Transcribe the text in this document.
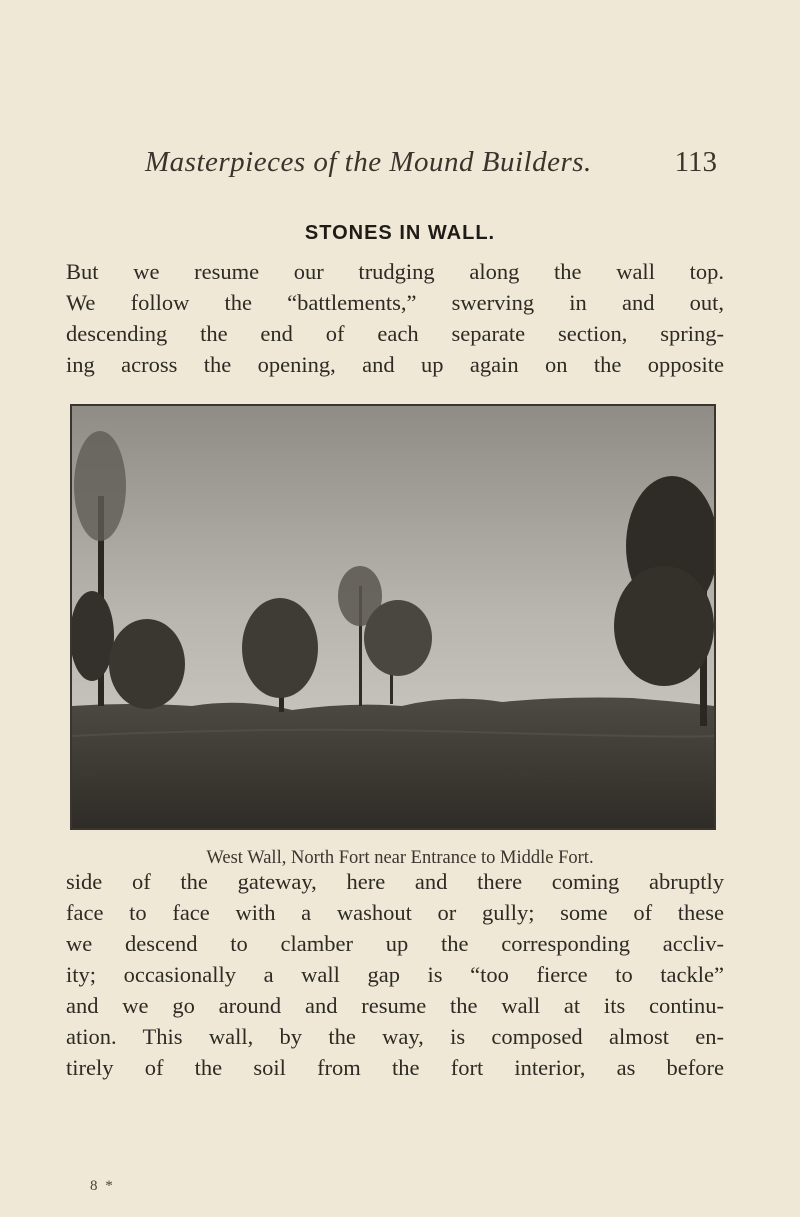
Masterpieces of the Mound Builders.	113
STONES IN WALL.
But we resume our trudging along the wall top.
We follow the “battlements,” swerving in and out,
descending the end of each separate section, spring-
ing across the opening, and up again on the opposite
West Wall, North Fort near Entrance to Middle Fort.
side of the gateway, here and there coming abruptly
face to face with a washout or gully; some of these
we descend to clamber up the corresponding accliv-
ity; occasionally a wall gap is “too fierce to tackle”
and we go around and resume the wall at its continu-
ation. This wall, by the way, is composed almost en-
tirely of the soil from the fort interior, as before
8 *
